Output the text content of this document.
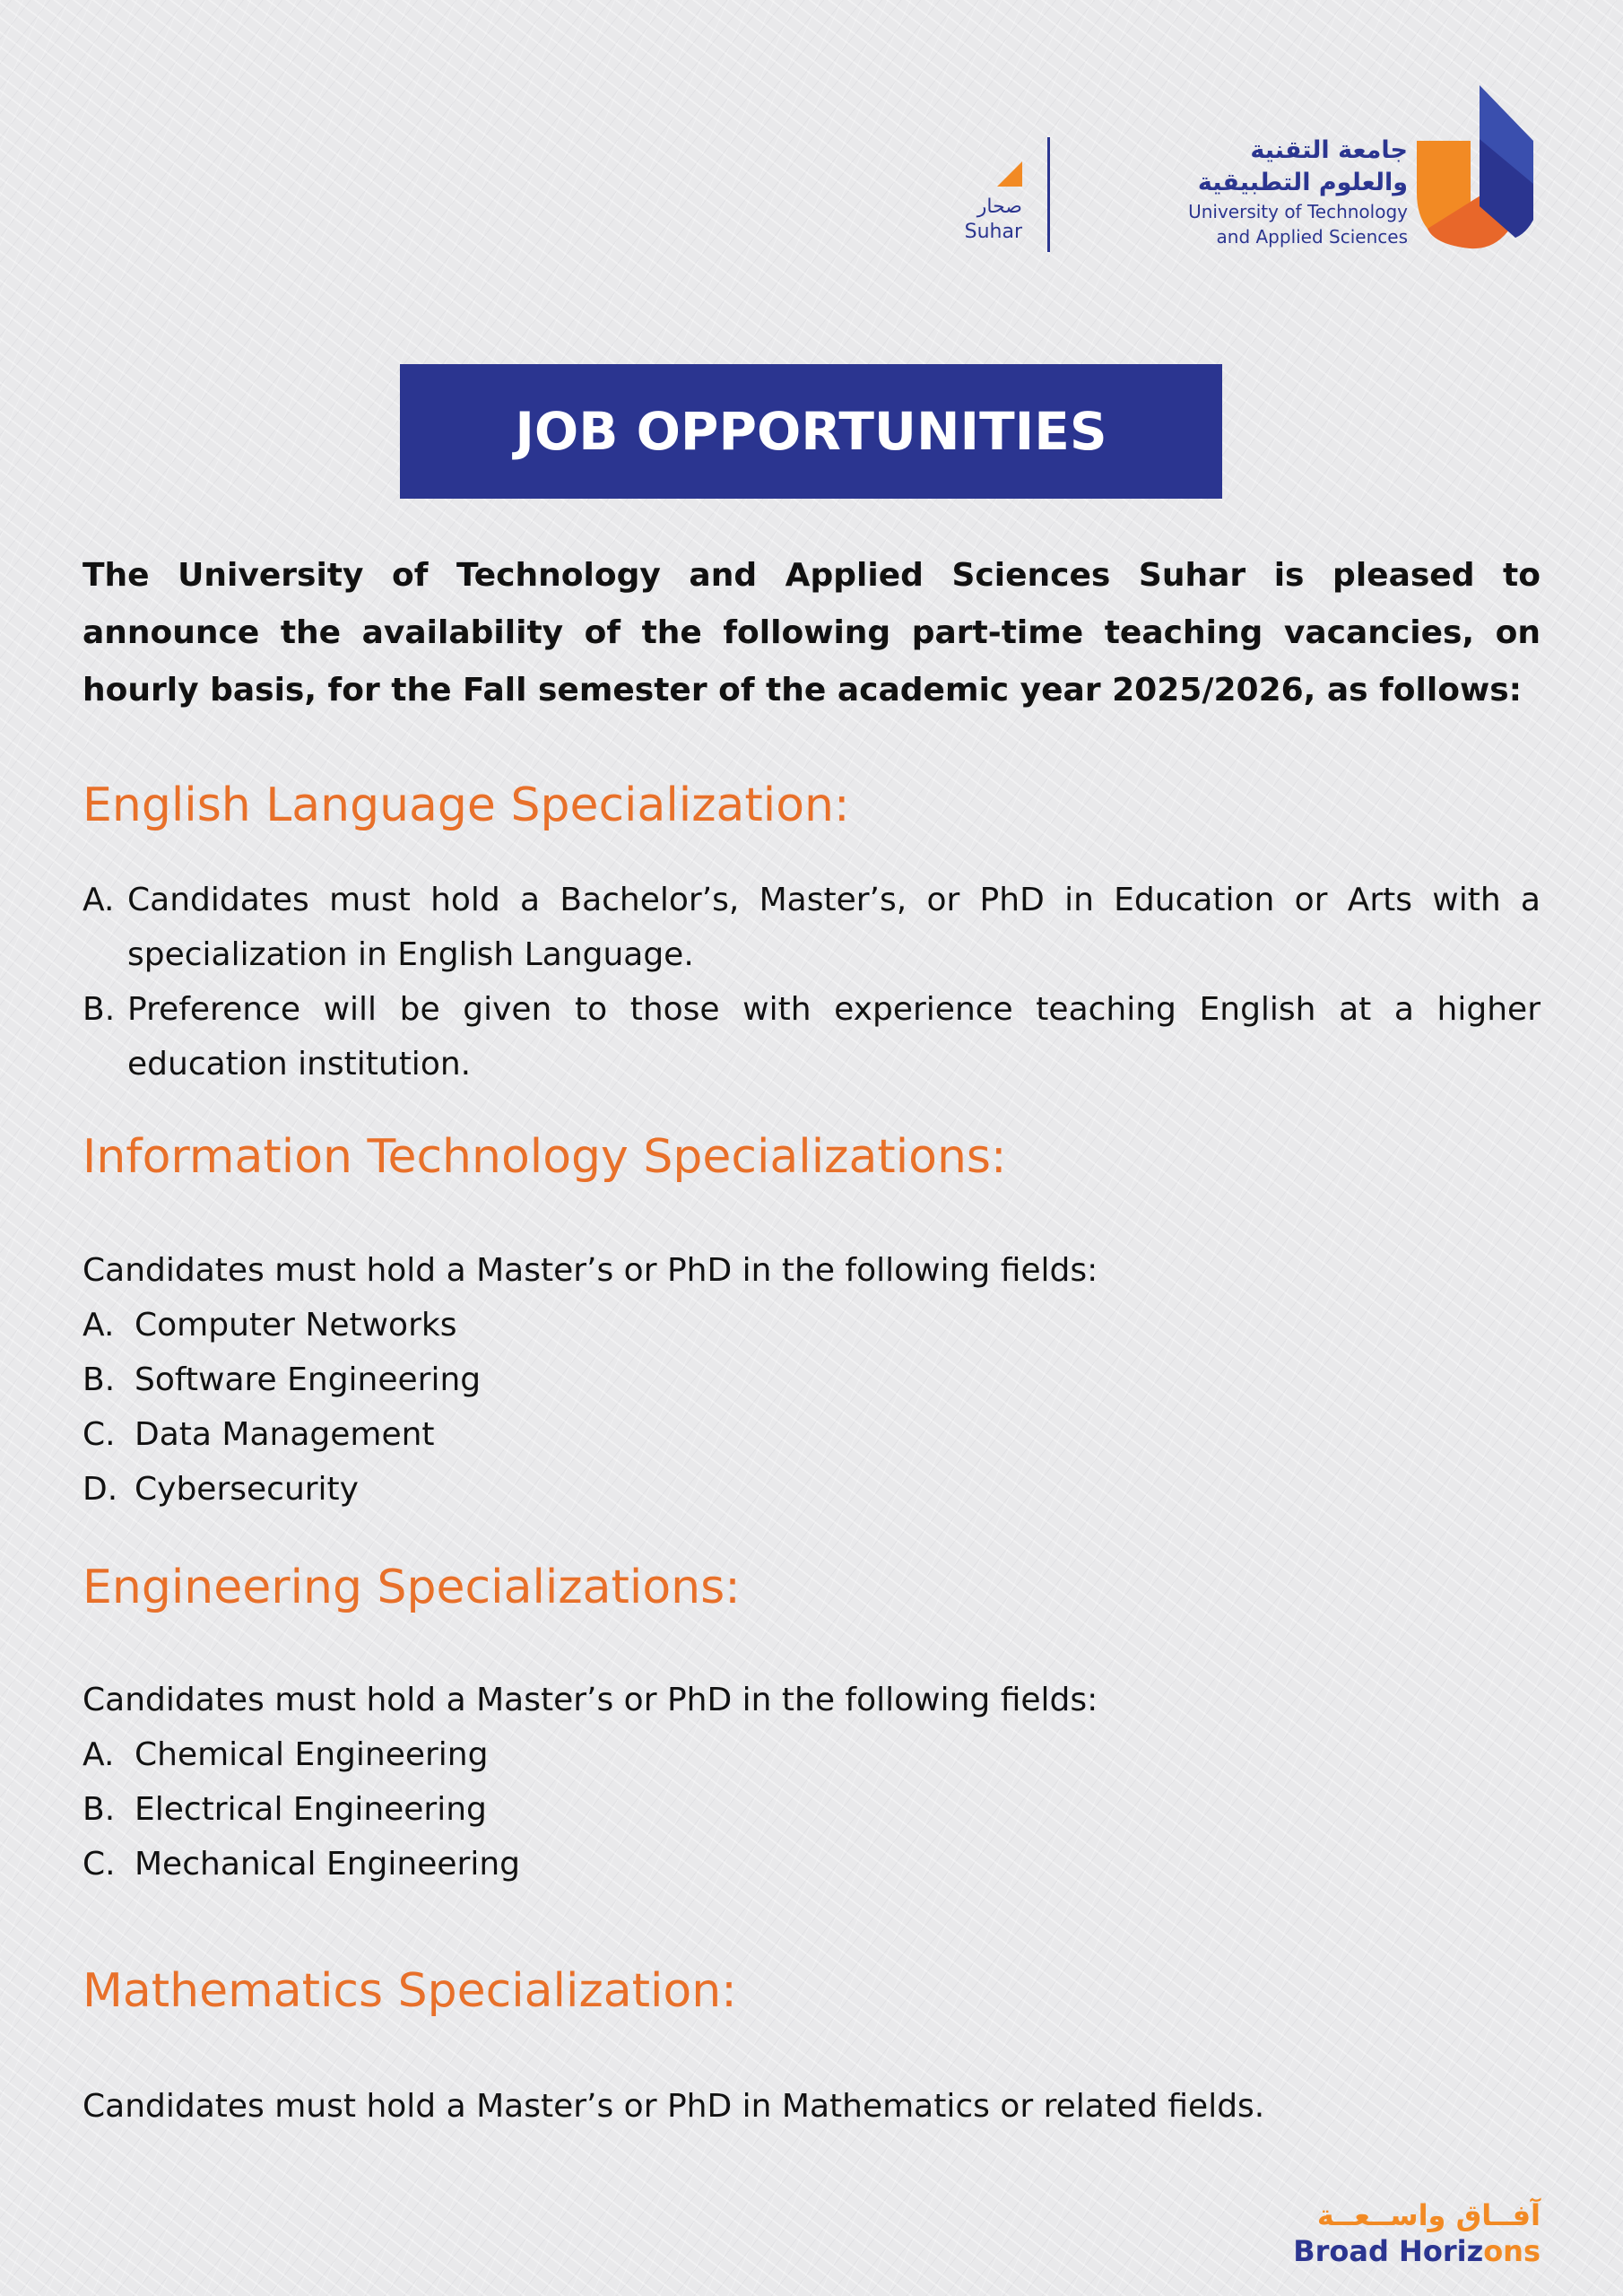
جامعة التقنية
والعلوم التطبيقية
University of Technology
and Applied Sciences
صحار
Suhar
JOB OPPORTUNITIES
The University of Technology and Applied Sciences Suhar is pleased to announce the availability of the following part-time teaching vacancies, on hourly basis, for the Fall semester of the academic year 2025/2026, as follows:
English Language Specialization:
A. Candidates must hold a Bachelor’s, Master’s, or PhD in Education or Arts with a specialization in English Language.
B. Preference will be given to those with experience teaching English at a higher education institution.
Information Technology Specializations:
Candidates must hold a Master’s or PhD in the following fields:
A. Computer Networks
B. Software Engineering
C. Data Management
D. Cybersecurity
Engineering Specializations:
Candidates must hold a Master’s or PhD in the following fields:
A. Chemical Engineering
B. Electrical Engineering
C. Mechanical Engineering
Mathematics Specialization:
Candidates must hold a Master’s or PhD in Mathematics or related fields.
آفــاق واســعــة
Broad Horizons
